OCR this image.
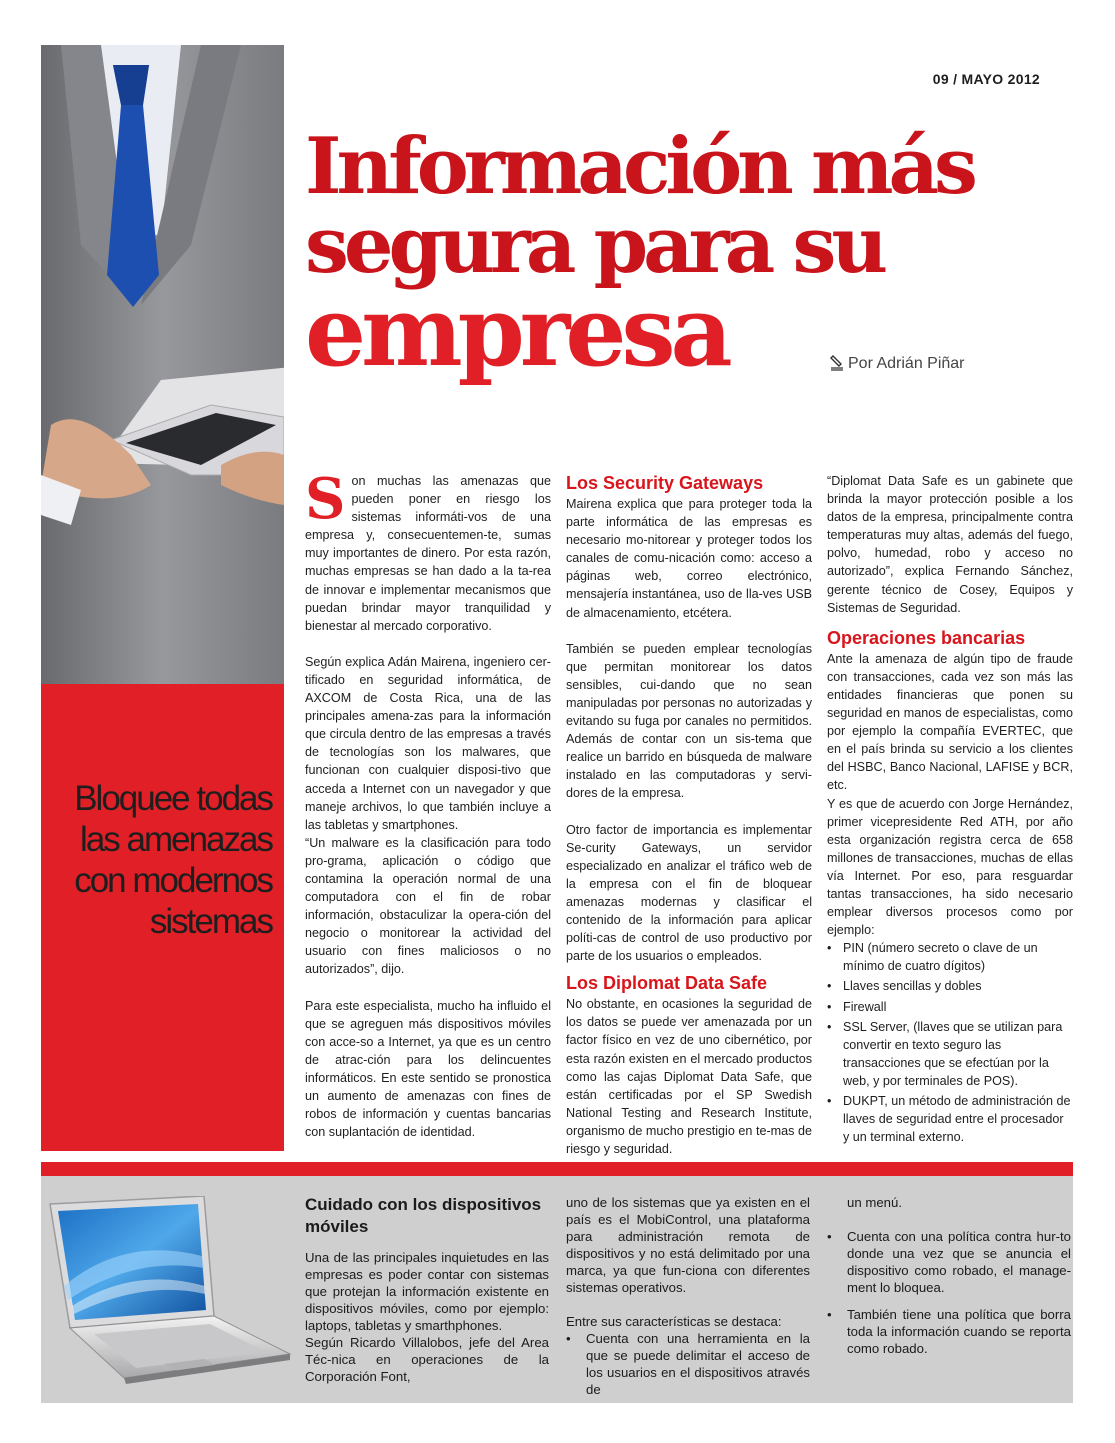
Bloquee todas
las amenazas
con modernos
sistemas
09 / MAYO 2012
Información más
segura para su
empresa	Por Adrián Piñar

S on muchas las amenazas que pueden poner en riesgo los sistemas informáti-vos de una empresa y, consecuentemen-te, sumas muy importantes de dinero. Por esta razón, muchas empresas se han dado a la ta-rea de innovar e implementar mecanismos que puedan brindar mayor tranquilidad y bienestar al mercado corporativo.

Según explica Adán Mairena, ingeniero cer-tificado en seguridad informática, de AXCOM de Costa Rica, una de las principales amena-zas para la información que circula dentro de las empresas a través de tecnologías son los malwares, que funcionan con cualquier disposi-tivo que acceda a Internet con un navegador y que maneje archivos, lo que también incluye a las tabletas y smartphones.

“Un malware es la clasificación para todo pro-grama, aplicación o código que contamina la operación normal de una computadora con el fin de robar información, obstaculizar la opera-ción del negocio o monitorear la actividad del usuario con fines maliciosos o no autorizados”, dijo.

Para este especialista, mucho ha influido el que se agreguen más dispositivos móviles con acce-so a Internet, ya que es un centro de atrac-ción para los delincuentes informáticos. En este sentido se pronostica un aumento de amenazas con fines de robos de información y cuentas bancarias con suplantación de identidad.

Los Security Gateways

Mairena explica que para proteger toda la parte informática de las empresas es necesario mo-nitorear y proteger todos los canales de comu-nicación como: acceso a páginas web, correo electrónico, mensajería instantánea, uso de lla-ves USB de almacenamiento, etcétera.

También se pueden emplear tecnologías que permitan monitorear los datos sensibles, cui-dando que no sean manipuladas por personas no autorizadas y evitando su fuga por canales no permitidos. Además de contar con un sis-tema que realice un barrido en búsqueda de malware instalado en las computadoras y servi-dores de la empresa.

Otro factor de importancia es implementar Se-curity Gateways, un servidor especializado en analizar el tráfico web de la empresa con el fin de bloquear amenazas modernas y clasificar el contenido de la información para aplicar políti-cas de control de uso productivo por parte de los usuarios o empleados.

Los Diplomat Data Safe

No obstante, en ocasiones la seguridad de los datos se puede ver amenazada por un factor físico en vez de uno cibernético, por esta razón existen en el mercado productos como las cajas Diplomat Data Safe, que están certificadas por el SP Swedish National Testing and Research Institute, organismo de mucho prestigio en te-mas de riesgo y seguridad.

“Diplomat Data Safe es un gabinete que brinda la mayor protección posible a los datos de la empresa, principalmente contra temperaturas muy altas, además del fuego, polvo, humedad, robo y acceso no autorizado”, explica Fernando Sánchez, gerente técnico de Cosey, Equipos y Sistemas de Seguridad.

Operaciones bancarias

Ante la amenaza de algún tipo de fraude con transacciones, cada vez son más las entidades financieras que ponen su seguridad en manos de especialistas, como por ejemplo la compañía EVERTEC, que en el país brinda su servicio a los clientes del HSBC, Banco Nacional, LAFISE y BCR, etc.

Y es que de acuerdo con Jorge Hernández, primer vicepresidente Red ATH, por año esta organización registra cerca de 658 millones de transacciones, muchas de ellas vía Internet. Por eso, para resguardar tantas transacciones, ha sido necesario emplear diversos procesos como por ejemplo:

• PIN (número secreto o clave de un mínimo de cuatro dígitos)
• Llaves sencillas y dobles
• Firewall
• SSL Server, (llaves que se utilizan para convertir en texto seguro las transacciones que se efectúan por la web, y por terminales de POS).
• DUKPT, un método de administración de llaves de seguridad entre el procesador y un terminal externo.
Cuidado con los dispositivos móviles

Una de las principales inquietudes en las empresas es poder contar con sistemas que protejan la información existente en dispositivos móviles, como por ejemplo: laptops, tabletas y smarthphones.

Según Ricardo Villalobos, jefe del Area Téc-nica en operaciones de la Corporación Font,

uno de los sistemas que ya existen en el país es el MobiControl, una plataforma para administración remota de dispositivos y no está delimitado por una marca, ya que fun-ciona con diferentes sistemas operativos.

Entre sus características se destaca:

• Cuenta con una herramienta en la que se puede delimitar el acceso de los usuarios en el dispositivos através de

un menú.

• Cuenta con una política contra hur-to donde una vez que se anuncia el dispositivo como robado, el manage-ment lo bloquea.
• También tiene una política que borra toda la información cuando se reporta como robado.
